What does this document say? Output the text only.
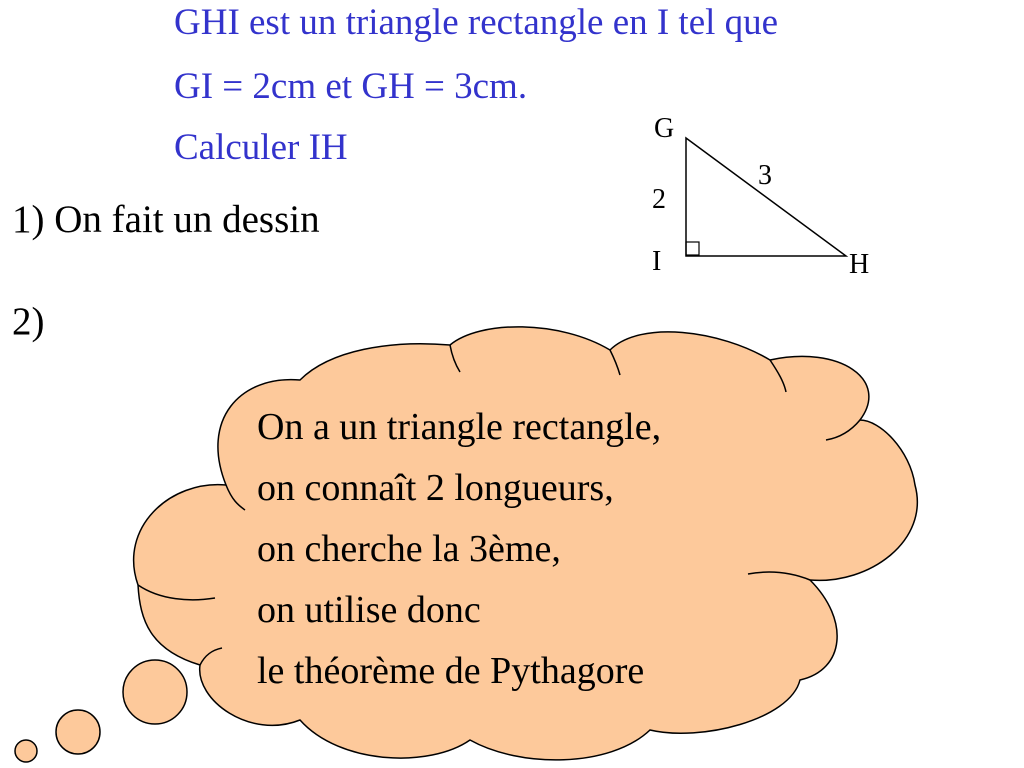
GHI est un triangle rectangle en I tel que
GI = 2cm et GH = 3cm.
Calculer IH
1) On fait un dessin
2)
G
I	H
2
3
On a un triangle rectangle,
on connaît 2 longueurs,
on cherche la 3ème,
on utilise donc
le théorème de Pythagore
